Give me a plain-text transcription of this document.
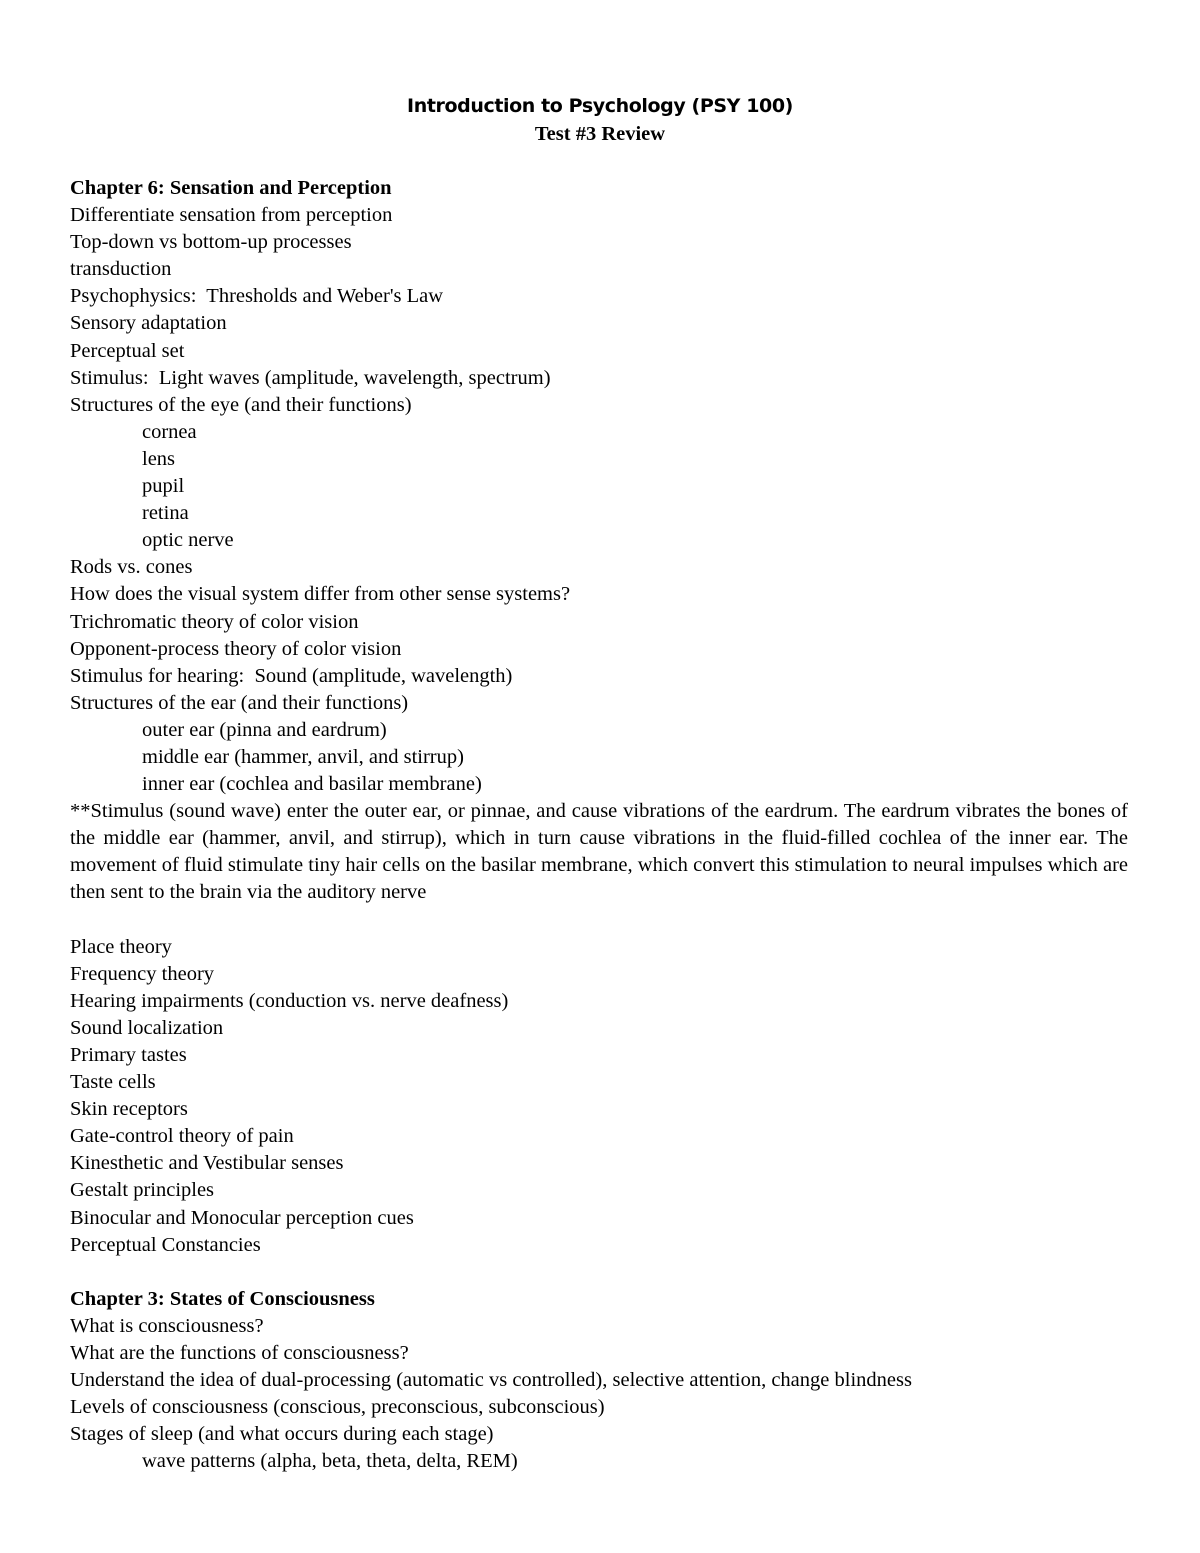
Introduction to Psychology (PSY 100)
Test #3 Review
Chapter 6: Sensation and Perception
Differentiate sensation from perception
Top-down vs bottom-up processes
transduction
Psychophysics:  Thresholds and Weber's Law
Sensory adaptation
Perceptual set
Stimulus:  Light waves (amplitude, wavelength, spectrum)
Structures of the eye (and their functions)
cornea
lens
pupil
retina
optic nerve
Rods vs. cones
How does the visual system differ from other sense systems?
Trichromatic theory of color vision
Opponent-process theory of color vision
Stimulus for hearing:  Sound (amplitude, wavelength)
Structures of the ear (and their functions)
outer ear (pinna and eardrum)
middle ear (hammer, anvil, and stirrup)
inner ear (cochlea and basilar membrane)
**Stimulus (sound wave) enter the outer ear, or pinnae, and cause vibrations of the eardrum. The eardrum vibrates the bones of the middle ear (hammer, anvil, and stirrup), which in turn cause vibrations in the fluid-filled cochlea of the inner ear. The movement of fluid stimulate tiny hair cells on the basilar membrane, which convert this stimulation to neural impulses which are then sent to the brain via the auditory nerve
Place theory
Frequency theory
Hearing impairments (conduction vs. nerve deafness)
Sound localization
Primary tastes
Taste cells
Skin receptors
Gate-control theory of pain
Kinesthetic and Vestibular senses
Gestalt principles
Binocular and Monocular perception cues
Perceptual Constancies
Chapter 3: States of Consciousness
What is consciousness?
What are the functions of consciousness?
Understand the idea of dual-processing (automatic vs controlled), selective attention, change blindness
Levels of consciousness (conscious, preconscious, subconscious)
Stages of sleep (and what occurs during each stage)
wave patterns (alpha, beta, theta, delta, REM)
